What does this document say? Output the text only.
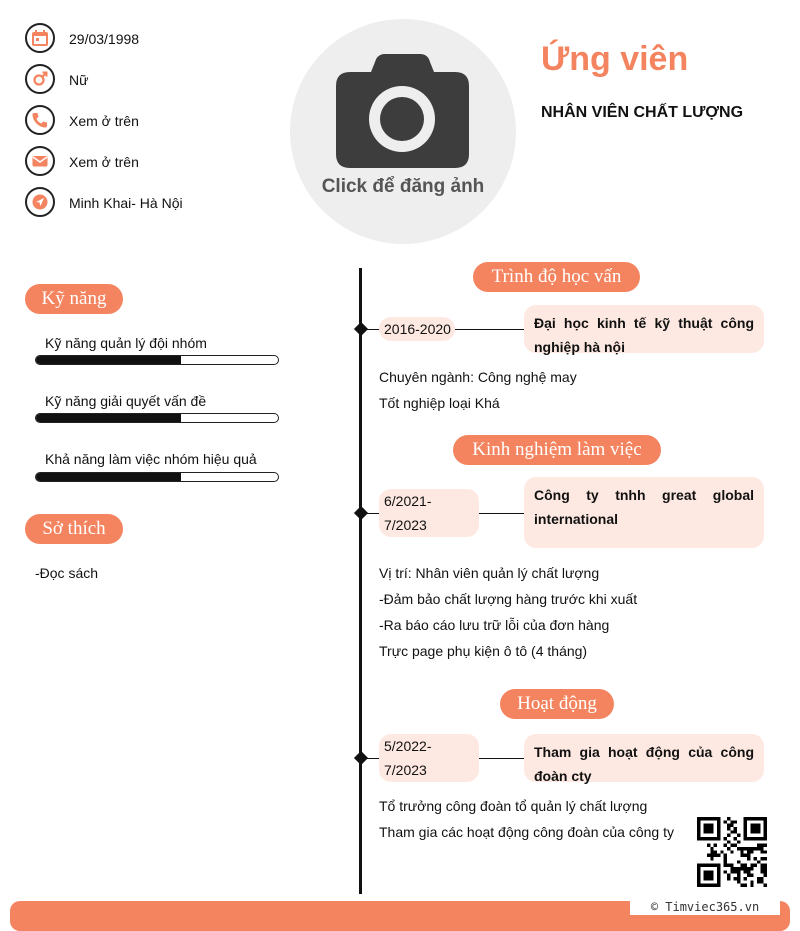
29/03/1998
Nữ
Xem ở trên
Xem ở trên
Minh Khai- Hà Nội
Click để đăng ảnh
Ứng viên
NHÂN VIÊN CHẤT LƯỢNG
Kỹ năng
Kỹ năng quản lý đội nhóm
Kỹ năng giải quyết vấn đề
Khả năng làm việc nhóm hiệu quả
Sở thích
-Đọc sách
Trình độ học vấn
2016-2020	Đại học kinh tế kỹ thuật công nghiệp hà nội
Chuyên ngành: Công nghệ may
Tốt nghiệp loại Khá
Kinh nghiệm làm việc
6/2021-
7/2023
Công ty tnhh great global international
Vị trí: Nhân viên quản lý chất lượng
-Đảm bảo chất lượng hàng trước khi xuất
-Ra báo cáo lưu trữ lỗi của đơn hàng
Trực page phụ kiện ô tô (4 tháng)
Hoạt động
5/2022-
7/2023
Tham gia hoạt động của công đoàn cty
Tổ trưởng công đoàn tổ quản lý chất lượng
Tham gia các hoạt động công đoàn của công ty
© Timviec365.vn
